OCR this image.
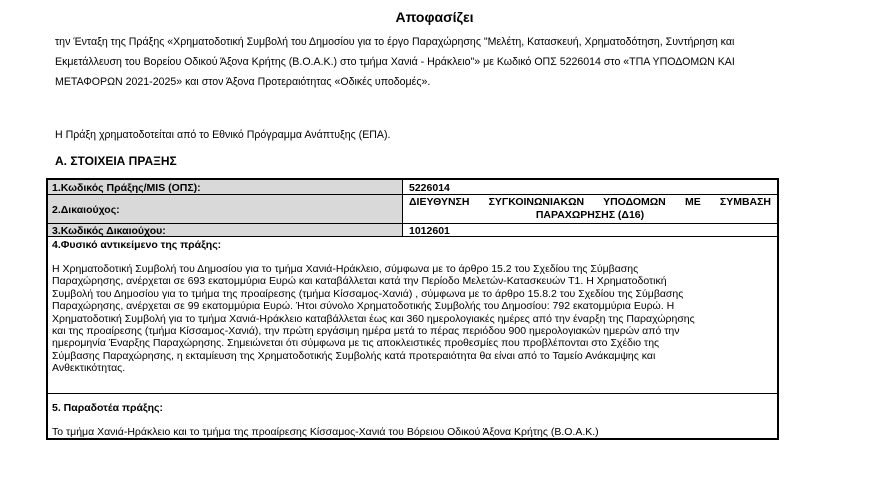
Αποφασίζει
την Ένταξη της Πράξης «Χρηματοδοτική Συμβολή του Δημοσίου για το έργο Παραχώρησης "Μελέτη, Κατασκευή, Χρηματοδότηση, Συντήρηση και
Εκμετάλλευση του Βορείου Οδικού Άξονα Κρήτης (Β.Ο.Α.Κ.) στο τμήμα Χανιά - Ηράκλειο"» με Κωδικό ΟΠΣ 5226014 στο «ΤΠΑ ΥΠΟΔΟΜΩΝ ΚΑΙ
ΜΕΤΑΦΟΡΩΝ 2021-2025» και στον Άξονα Προτεραιότητας «Οδικές υποδομές».
Η Πράξη χρηματοδοτείται από το Εθνικό Πρόγραμμα Ανάπτυξης (ΕΠΑ).
Α. ΣΤΟΙΧΕΙΑ ΠΡΑΞΗΣ
1.Κωδικός Πράξης/MIS (ΟΠΣ):	5226014
2.Δικαιούχος:
ΔΙΕΥΘΥΝΣΗ ΣΥΓΚΟΙΝΩΝΙΑΚΩΝ ΥΠΟΔΟΜΩΝ ΜΕ ΣΥΜΒΑΣΗ
ΠΑΡΑΧΩΡΗΣΗΣ (Δ16)
3.Κωδικός Δικαιούχου:	1012601
4.Φυσικό αντικείμενο της πράξης:
Η Χρηματοδοτική Συμβολή του Δημοσίου για το τμήμα Χανιά-Ηράκλειο, σύμφωνα με το άρθρο 15.2 του Σχεδίου της Σύμβασης
Παραχώρησης, ανέρχεται σε 693 εκατομμύρια Ευρώ και καταβάλλεται κατά την Περίοδο Μελετών-Κατασκευών Τ1. Η Χρηματοδοτική
Συμβολή του Δημοσίου για το τμήμα της προαίρεσης (τμήμα Κίσσαμος-Χανιά) , σύμφωνα με το άρθρο 15.8.2 του Σχεδίου της Σύμβασης
Παραχώρησης, ανέρχεται σε 99 εκατομμύρια Ευρώ. Ήτοι σύνολο Χρηματοδοτικής Συμβολής του Δημοσίου: 792 εκατομμύρια Ευρώ. Η
Χρηματοδοτική Συμβολή για το τμήμα Χανιά-Ηράκλειο καταβάλλεται έως και 360 ημερολογιακές ημέρες από την έναρξη της Παραχώρησης
και της προαίρεσης (τμήμα Κίσσαμος-Χανιά), την πρώτη εργάσιμη ημέρα μετά το πέρας περιόδου 900 ημερολογιακών ημερών από την
ημερομηνία Έναρξης Παραχώρησης. Σημειώνεται ότι σύμφωνα με τις αποκλειστικές προθεσμίες που προβλέπονται στο Σχέδιο της
Σύμβασης Παραχώρησης, η εκταμίευση της Χρηματοδοτικής Συμβολής κατά προτεραιότητα θα είναι από το Ταμείο Ανάκαμψης και
Ανθεκτικότητας.
5. Παραδοτέα πράξης:
Το τμήμα Χανιά-Ηράκλειο και το τμήμα της προαίρεσης Κίσσαμος-Χανιά του Βόρειου Οδικού Άξονα Κρήτης (Β.Ο.Α.Κ.)
